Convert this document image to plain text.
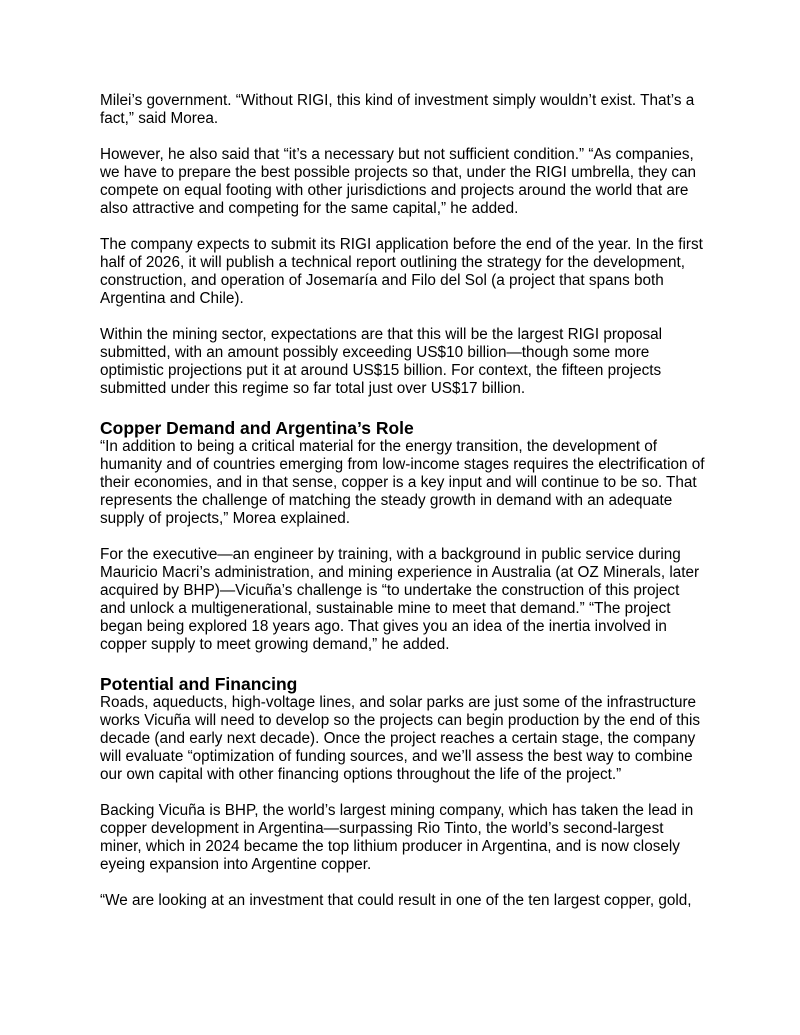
Milei’s government. “Without RIGI, this kind of investment simply wouldn’t exist. That’s a fact,” said Morea.

However, he also said that “it’s a necessary but not sufficient condition.” “As companies, we have to prepare the best possible projects so that, under the RIGI umbrella, they can compete on equal footing with other jurisdictions and projects around the world that are also attractive and competing for the same capital,” he added.

The company expects to submit its RIGI application before the end of the year. In the first half of 2026, it will publish a technical report outlining the strategy for the development, construction, and operation of Josemaría and Filo del Sol (a project that spans both Argentina and Chile).

Within the mining sector, expectations are that this will be the largest RIGI proposal submitted, with an amount possibly exceeding US$10 billion—though some more optimistic projections put it at around US$15 billion. For context, the fifteen projects submitted under this regime so far total just over US$17 billion.

Copper Demand and Argentina’s Role

“In addition to being a critical material for the energy transition, the development of humanity and of countries emerging from low-income stages requires the electrification of their economies, and in that sense, copper is a key input and will continue to be so. That represents the challenge of matching the steady growth in demand with an adequate supply of projects,” Morea explained.

For the executive—an engineer by training, with a background in public service during Mauricio Macri’s administration, and mining experience in Australia (at OZ Minerals, later acquired by BHP)—Vicuña’s challenge is “to undertake the construction of this project and unlock a multigenerational, sustainable mine to meet that demand.” “The project began being explored 18 years ago. That gives you an idea of the inertia involved in copper supply to meet growing demand,” he added.

Potential and Financing

Roads, aqueducts, high-voltage lines, and solar parks are just some of the infrastructure works Vicuña will need to develop so the projects can begin production by the end of this decade (and early next decade). Once the project reaches a certain stage, the company will evaluate “optimization of funding sources, and we’ll assess the best way to combine our own capital with other financing options throughout the life of the project.”

Backing Vicuña is BHP, the world’s largest mining company, which has taken the lead in copper development in Argentina—surpassing Rio Tinto, the world’s second-largest miner, which in 2024 became the top lithium producer in Argentina, and is now closely eyeing expansion into Argentine copper.

“We are looking at an investment that could result in one of the ten largest copper, gold,
